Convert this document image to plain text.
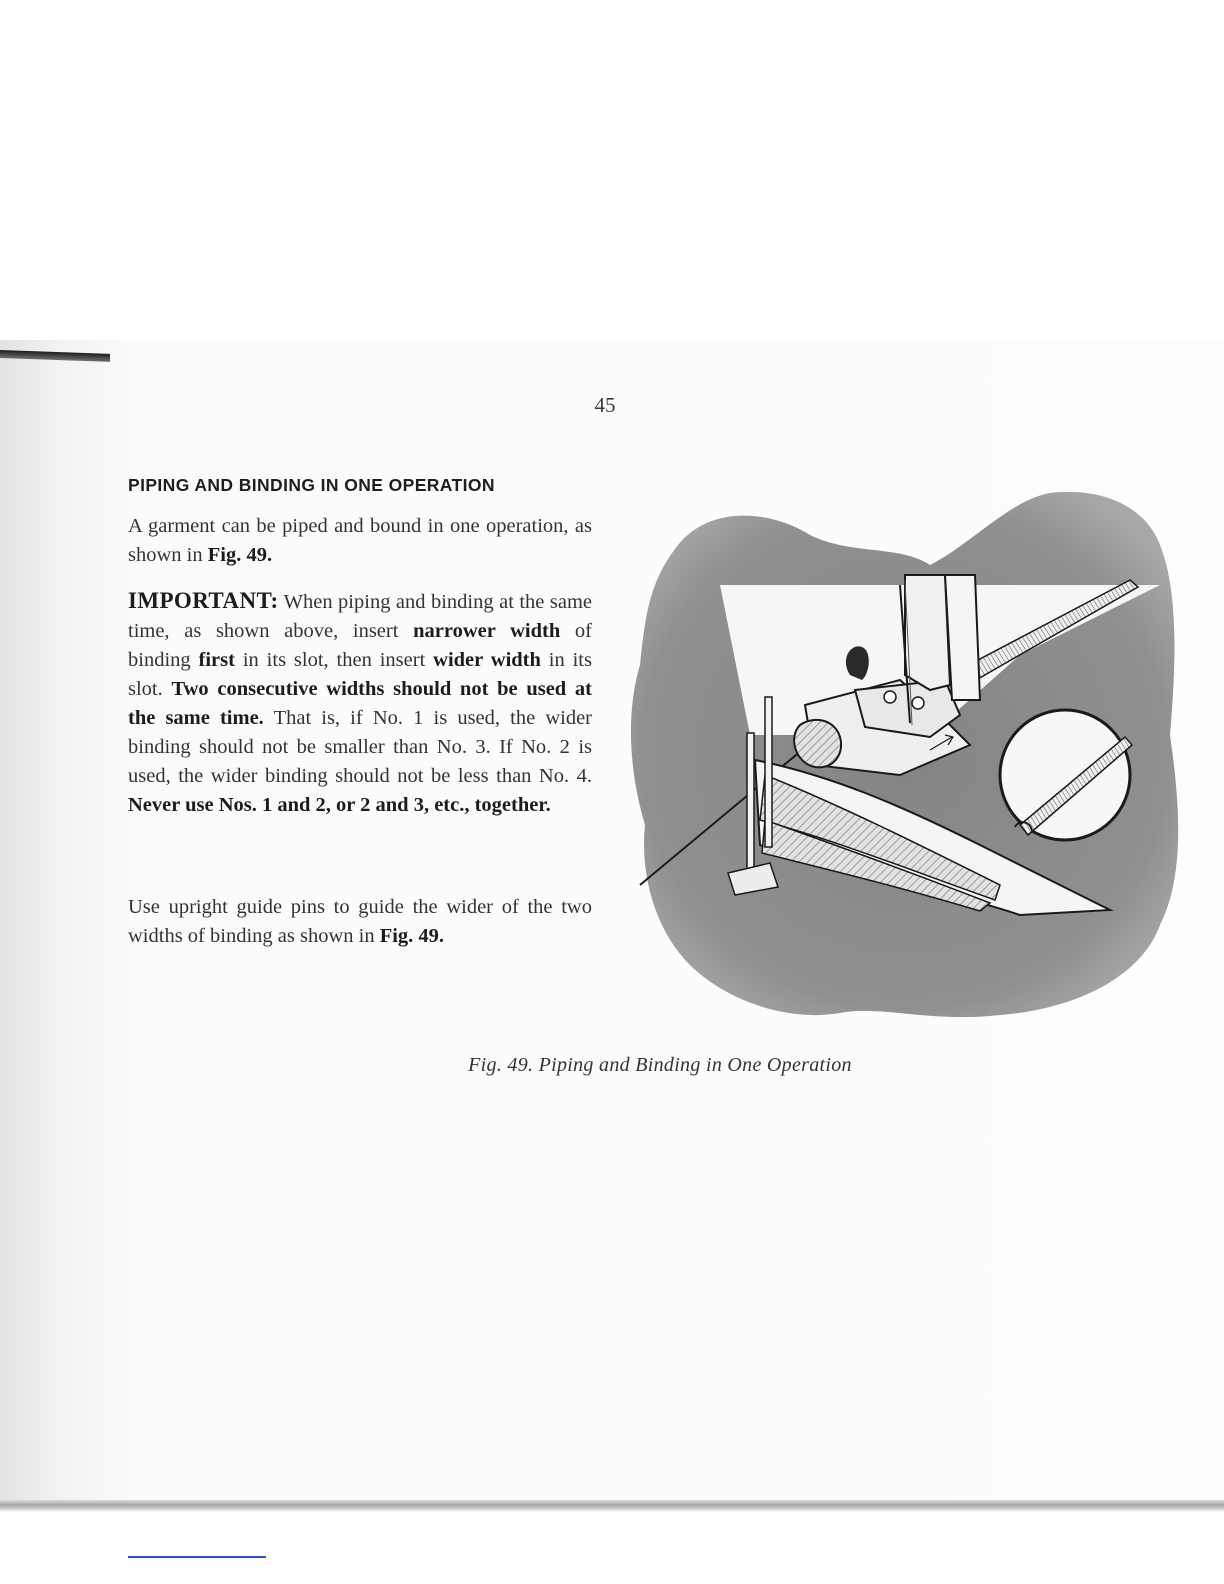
45
PIPING AND BINDING IN ONE OPERATION

A garment can be piped and bound in one operation, as shown in Fig. 49.

IMPORTANT: When piping and binding at the same time, as shown above, insert narrower width of binding first in its slot, then insert wider width in its slot. Two consecutive widths should not be used at the same time. That is, if No. 1 is used, the wider binding should not be smaller than No. 3. If No. 2 is used, the wider binding should not be less than No. 4. Never use Nos. 1 and 2, or 2 and 3, etc., together.

Use upright guide pins to guide the wider of the two widths of binding as shown in Fig. 49.

Fig. 49. Piping and Binding in One Operation
